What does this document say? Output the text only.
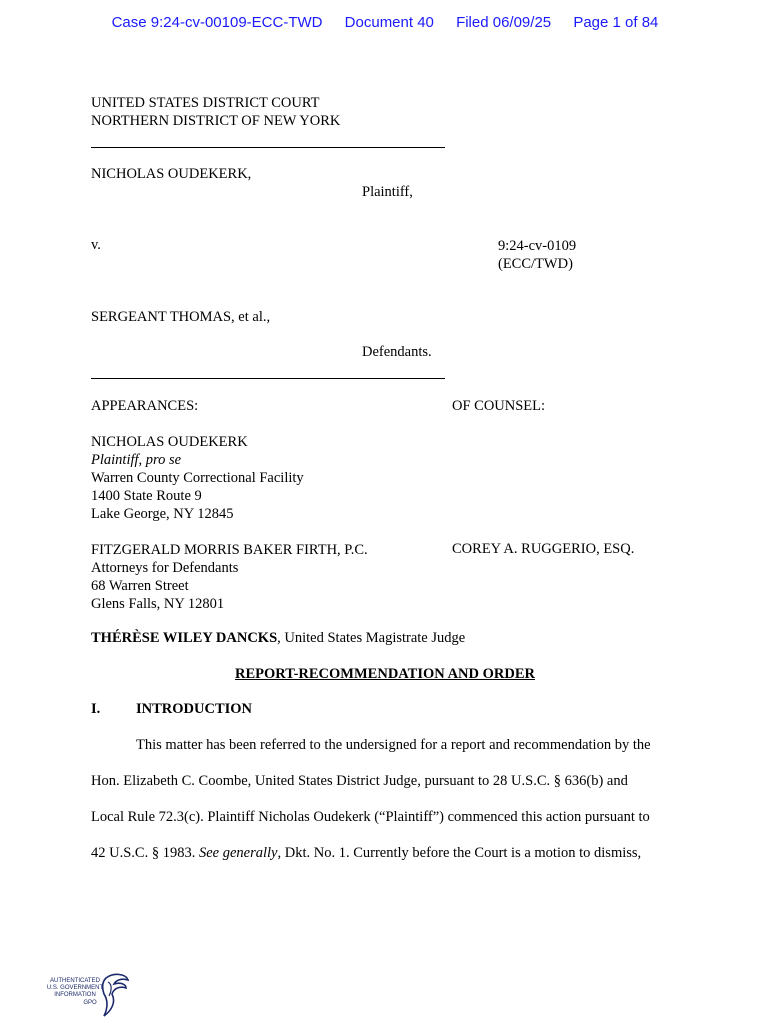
Case 9:24-cv-00109-ECC-TWD Document 40 Filed 06/09/25 Page 1 of 84
UNITED STATES DISTRICT COURT
NORTHERN DISTRICT OF NEW YORK
NICHOLAS OUDEKERK,
Plaintiff,
v.	9:24-cv-0109
(ECC/TWD)
SERGEANT THOMAS, et al.,
Defendants.
APPEARANCES:	OF COUNSEL:
NICHOLAS OUDEKERK
Plaintiff, pro se
Warren County Correctional Facility
1400 State Route 9
Lake George, NY 12845
FITZGERALD MORRIS BAKER FIRTH, P.C.
Attorneys for Defendants
68 Warren Street
Glens Falls, NY 12801
COREY A. RUGGERIO, ESQ.
THÉRÈSE WILEY DANCKS, United States Magistrate Judge
REPORT-RECOMMENDATION AND ORDER
I. INTRODUCTION
This matter has been referred to the undersigned for a report and recommendation by the
Hon. Elizabeth C. Coombe, United States District Judge, pursuant to 28 U.S.C. § 636(b) and
Local Rule 72.3(c). Plaintiff Nicholas Oudekerk (“Plaintiff”) commenced this action pursuant to
42 U.S.C. § 1983. See generally, Dkt. No. 1. Currently before the Court is a motion to dismiss,
AUTHENTICATED
U.S. GOVERNMENT
INFORMATION
GPO
